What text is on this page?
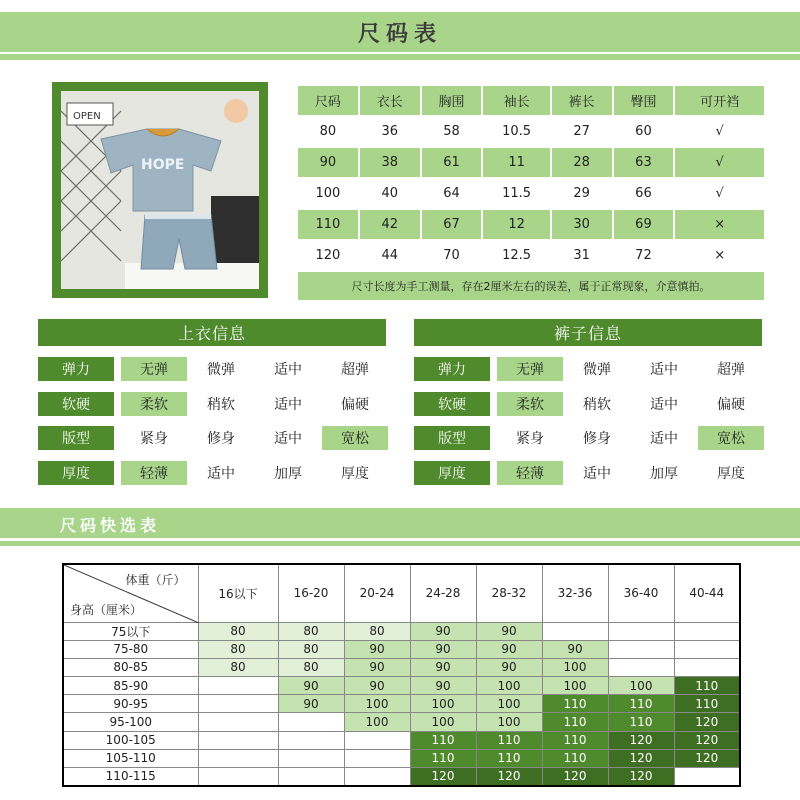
尺码表
OPEN
HOPE
尺码	衣长	胸围	袖长	裤长	臀围	可开裆
80	36	58	10.5	27	60	√
90	38	61	11	28	63	√
100	40	64	11.5	29	66	√
110	42	67	12	30	69	×
120	44	70	12.5	31	72	×
尺寸长度为手工测量，存在2厘米左右的误差，属于正常现象，介意慎拍。						
上衣信息
弹力	无弹	微弹	适中	超弹
软硬	柔软	稍软	适中	偏硬
版型	紧身	修身	适中	宽松
厚度	轻薄	适中	加厚	厚度
裤子信息
弹力	无弹	微弹	适中	超弹
软硬	柔软	稍软	适中	偏硬
版型	紧身	修身	适中	宽松
厚度	轻薄	适中	加厚	厚度
尺码快选表
体重（斤）
身高（厘米）	16以下	16-20	20-24	24-28	28-32	32-36	36-40	40-44
75以下	80	80	80	90	90			
75-80	80	80	90	90	90	90		
80-85	80	80	90	90	90	100		
85-90		90	90	90	100	100	100	110
90-95		90	100	100	100	110	110	110
95-100			100	100	100	110	110	120
100-105				110	110	110	120	120
105-110				110	110	110	120	120
110-115				120	120	120	120	
